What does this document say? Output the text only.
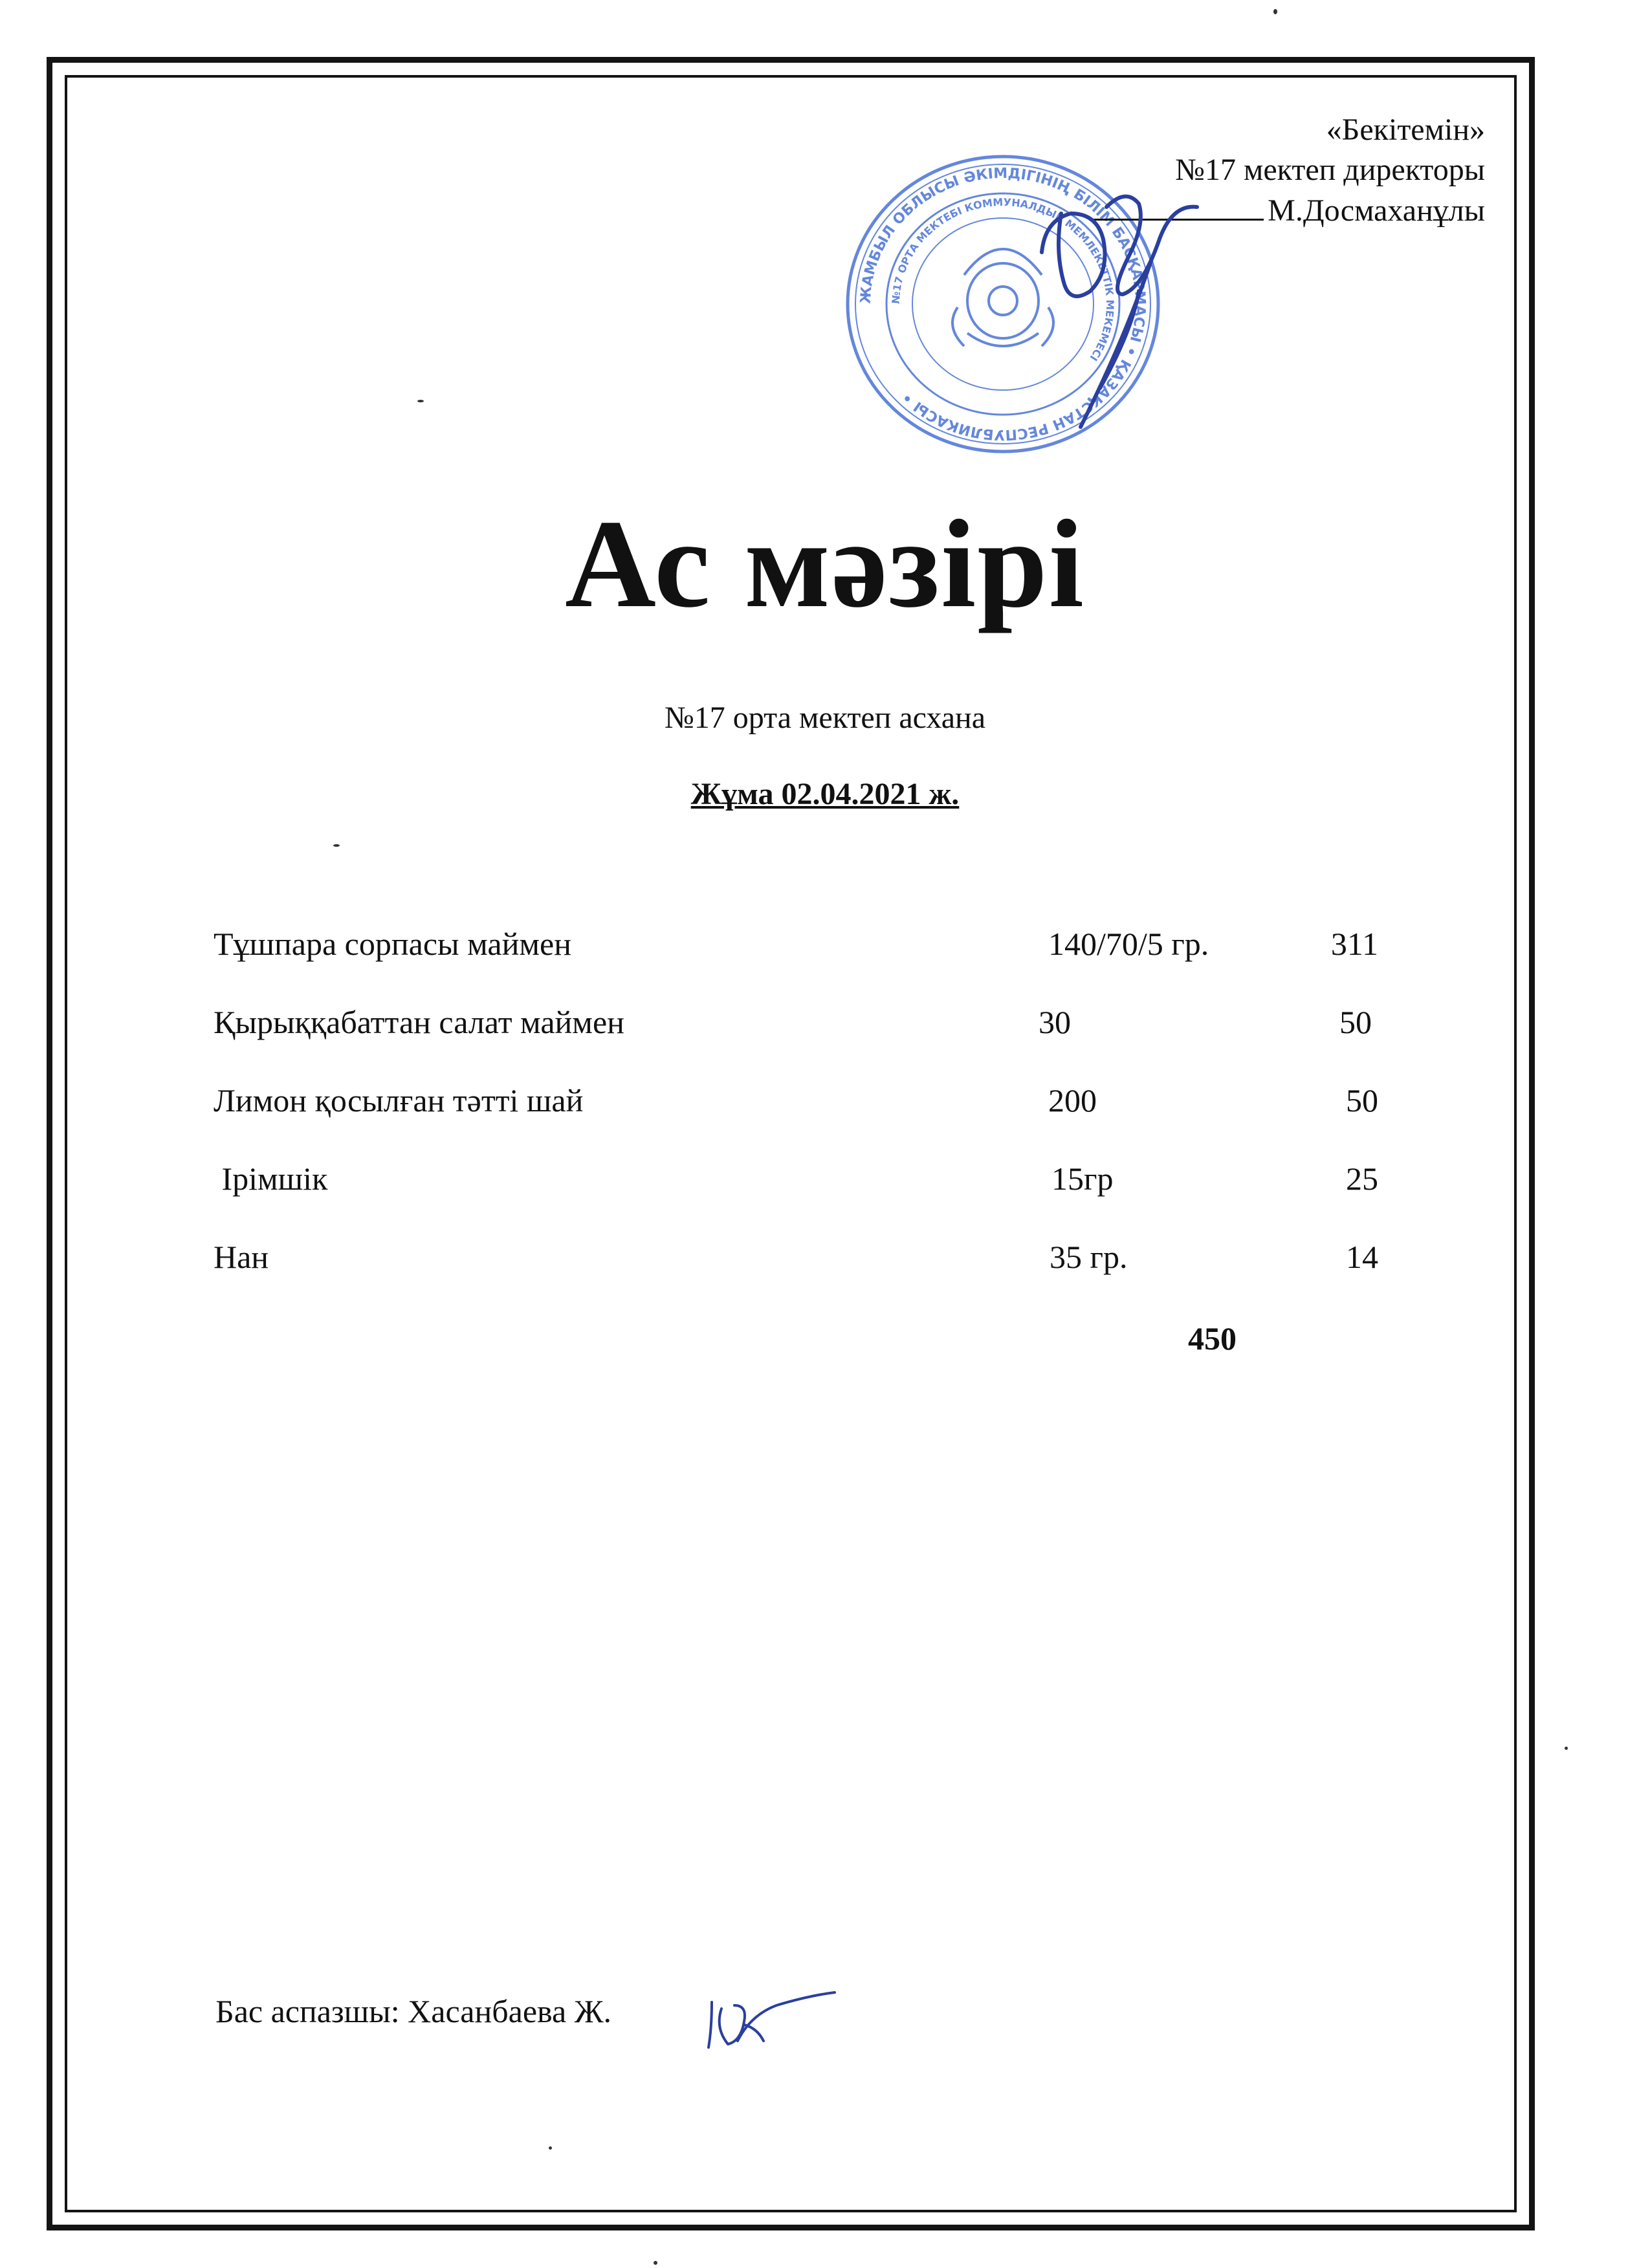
ЖАМБЫЛ ОБЛЫСЫ ӘКІМДІГІНІҢ БІЛІМ БАСҚАРМАСЫ • ҚАЗАҚСТАН РЕСПУБЛИКАСЫ •
№17 ОРТА МЕКТЕБІ КОММУНАЛДЫҚ МЕМЛЕКЕТТІК МЕКЕМЕСІ
«Бекітемін»
№17 мектеп директоры
М.Досмаханұлы
Ас мәзірі
№17 орта мектеп асхана
Жұма 02.04.2021 ж.
Тұшпара сорпасы маймен	140/70/5 гр.	311
Қырыққабаттан салат маймен	30	50
Лимон қосылған тәтті шай	200	50
Ірімшік	15гр	25
Нан	35 гр.	14
450
Бас аспазшы: Хасанбаева Ж.
